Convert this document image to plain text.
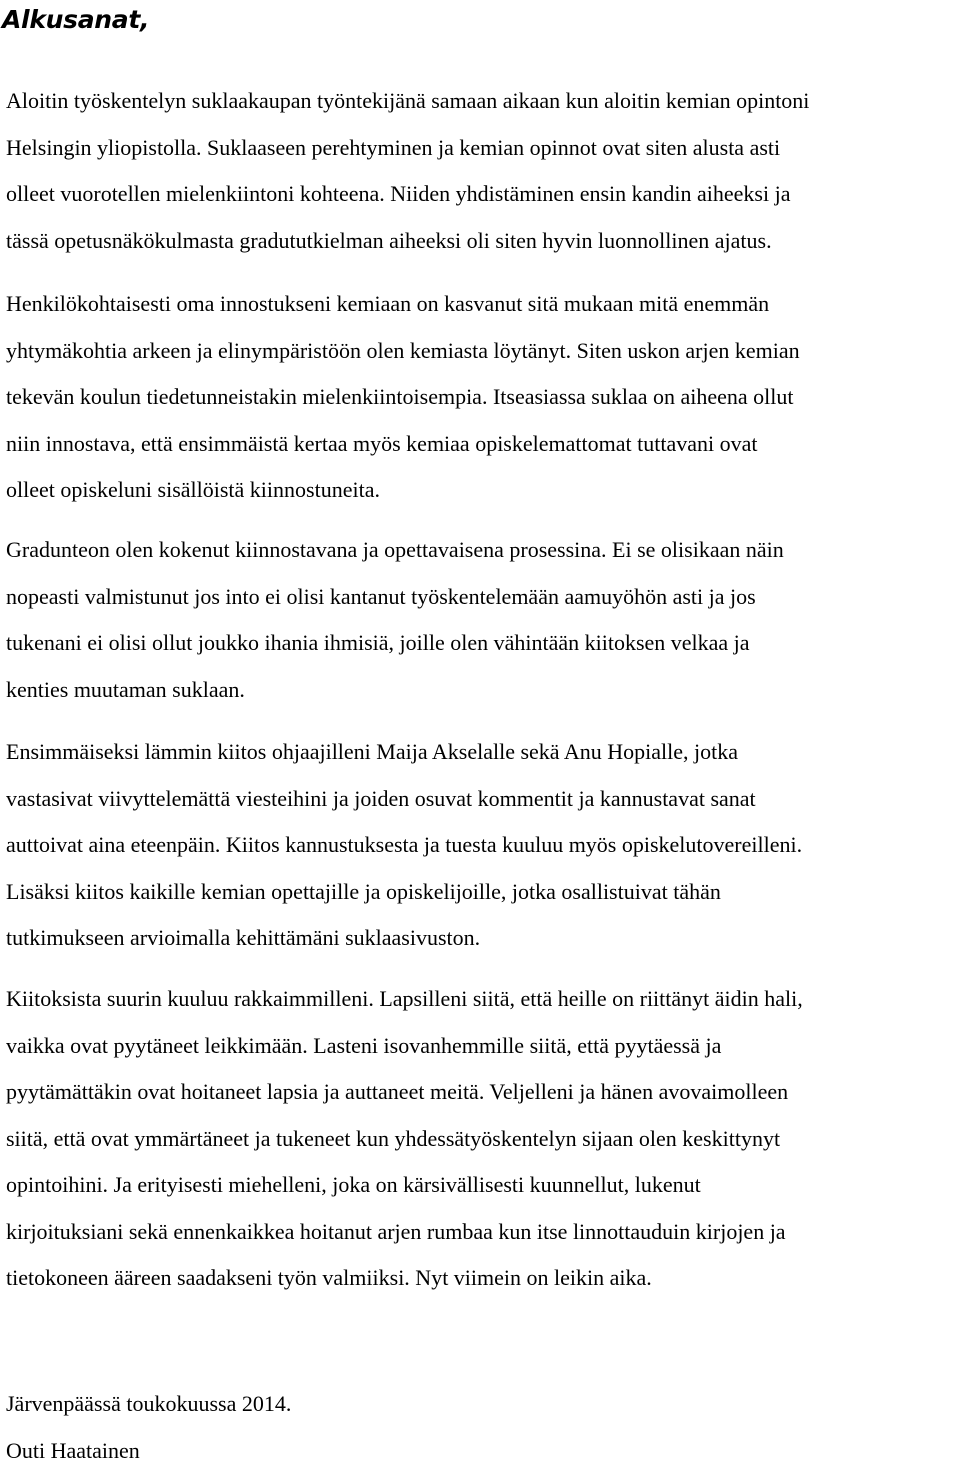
Alkusanat,

Aloitin työskentelyn suklaakaupan työntekijänä samaan aikaan kun aloitin kemian opintoni
Helsingin yliopistolla. Suklaaseen perehtyminen ja kemian opinnot ovat siten alusta asti
olleet vuorotellen mielenkiintoni kohteena. Niiden yhdistäminen ensin kandin aiheeksi ja
tässä opetusnäkökulmasta gradututkielman aiheeksi oli siten hyvin luonnollinen ajatus.

Henkilökohtaisesti oma innostukseni kemiaan on kasvanut sitä mukaan mitä enemmän
yhtymäkohtia arkeen ja elinympäristöön olen kemiasta löytänyt. Siten uskon arjen kemian
tekevän koulun tiedetunneistakin mielenkiintoisempia. Itseasiassa suklaa on aiheena ollut
niin innostava, että ensimmäistä kertaa myös kemiaa opiskelemattomat tuttavani ovat
olleet opiskeluni sisällöistä kiinnostuneita.

Gradunteon olen kokenut kiinnostavana ja opettavaisena prosessina. Ei se olisikaan näin
nopeasti valmistunut jos into ei olisi kantanut työskentelemään aamuyöhön asti ja jos
tukenani ei olisi ollut joukko ihania ihmisiä, joille olen vähintään kiitoksen velkaa ja
kenties muutaman suklaan.

Ensimmäiseksi lämmin kiitos ohjaajilleni Maija Akselalle sekä Anu Hopialle, jotka
vastasivat viivyttelemättä viesteihini ja joiden osuvat kommentit ja kannustavat sanat
auttoivat aina eteenpäin. Kiitos kannustuksesta ja tuesta kuuluu myös opiskelutovereilleni.
Lisäksi kiitos kaikille kemian opettajille ja opiskelijoille, jotka osallistuivat tähän
tutkimukseen arvioimalla kehittämäni suklaasivuston.

Kiitoksista suurin kuuluu rakkaimmilleni. Lapsilleni siitä, että heille on riittänyt äidin hali,
vaikka ovat pyytäneet leikkimään. Lasteni isovanhemmille siitä, että pyytäessä ja
pyytämättäkin ovat hoitaneet lapsia ja auttaneet meitä. Veljelleni ja hänen avovaimolleen
siitä, että ovat ymmärtäneet ja tukeneet kun yhdessätyöskentelyn sijaan olen keskittynyt
opintoihini. Ja erityisesti miehelleni, joka on kärsivällisesti kuunnellut, lukenut
kirjoituksiani sekä ennenkaikkea hoitanut arjen rumbaa kun itse linnottauduin kirjojen ja
tietokoneen ääreen saadakseni työn valmiiksi. Nyt viimein on leikin aika.

Järvenpäässä toukokuussa 2014.

Outi Haatainen
